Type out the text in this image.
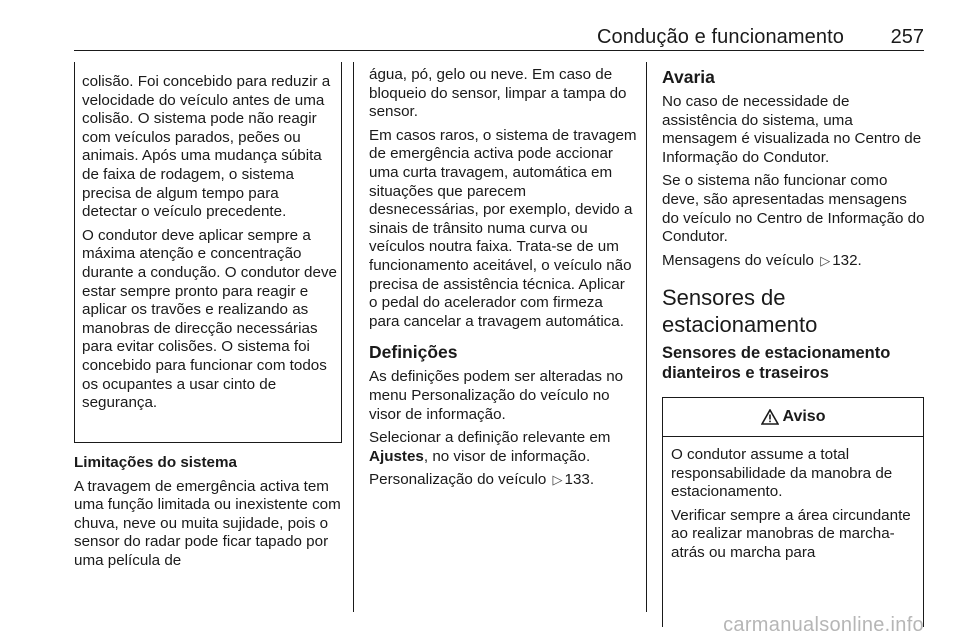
Condução e funcionamento 257

colisão. Foi concebido para reduzir a velocidade do veículo antes de uma colisão. O sistema pode não reagir com veículos parados, peões ou animais. Após uma mudança súbita de faixa de rodagem, o sistema precisa de algum tempo para detectar o veículo precedente.

O condutor deve aplicar sempre a máxima atenção e concentração durante a condução. O condutor deve estar sempre pronto para reagir e aplicar os travões e realizando as manobras de direcção necessárias para evitar colisões. O sistema foi concebido para funcionar com todos os ocupantes a usar cinto de segurança.

Limitações do sistema

A travagem de emergência activa tem uma função limitada ou inexistente com chuva, neve ou muita sujidade, pois o sensor do radar pode ficar tapado por uma película de

água, pó, gelo ou neve. Em caso de bloqueio do sensor, limpar a tampa do sensor.

Em casos raros, o sistema de travagem de emergência activa pode accionar uma curta travagem, automática em situações que parecem desnecessárias, por exemplo, devido a sinais de trânsito numa curva ou veículos noutra faixa. Trata-se de um funcionamento aceitável, o veículo não precisa de assistência técnica. Aplicar o pedal do acelerador com firmeza para cancelar a travagem automática.

Definições

As definições podem ser alteradas no menu Personalização do veículo no visor de informação.

Selecionar a definição relevante em Ajustes, no visor de informação.

Personalização do veículo ▷ 133.

Avaria

No caso de necessidade de assistência do sistema, uma mensagem é visualizada no Centro de Informação do Condutor.

Se o sistema não funcionar como deve, são apresentadas mensagens do veículo no Centro de Informação do Condutor.

Mensagens do veículo ▷ 132.

Sensores de estacionamento

Sensores de estacionamento dianteiros e traseiros

Aviso

O condutor assume a total responsabilidade da manobra de estacionamento.

Verificar sempre a área circundante ao realizar manobras de marcha-atrás ou marcha para

carmanualsonline.info
